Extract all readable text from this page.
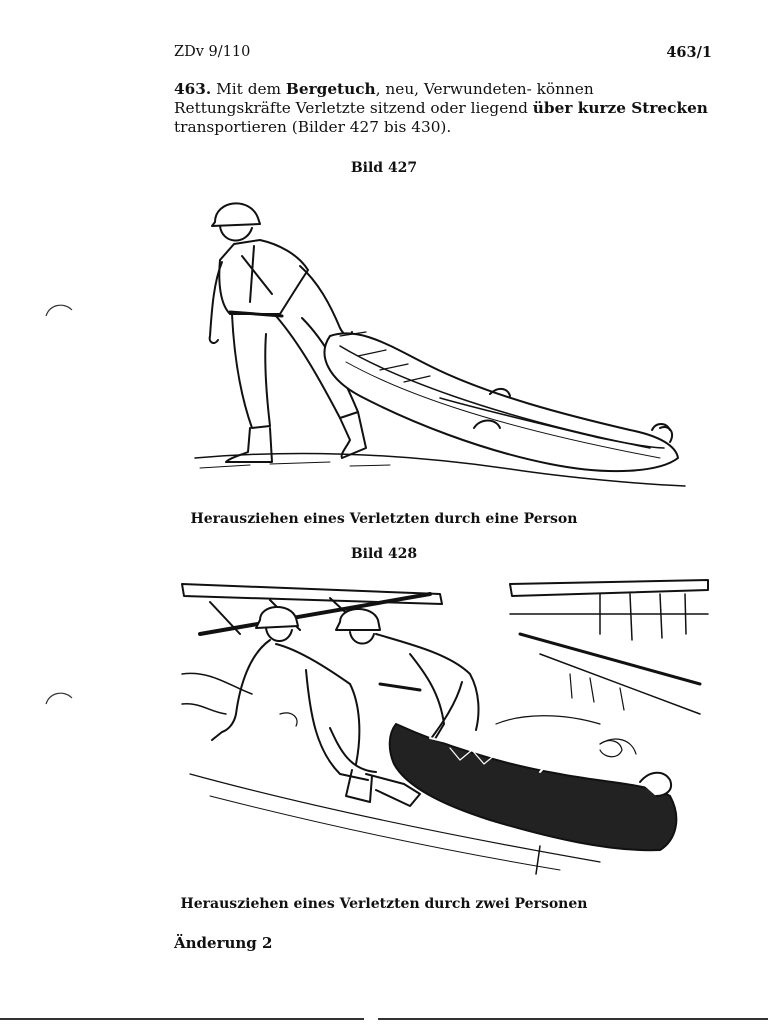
ZDv 9/110	463/1

463. Mit dem Bergetuch, neu, Verwundeten- können Rettungskräfte Verletzte sitzend oder liegend über kurze Strecken transportieren (Bilder 427 bis 430).

Bild 427
Herausziehen eines Verletzten durch eine Person
Bild 428
Herausziehen eines Verletzten durch zwei Personen
Änderung 2
